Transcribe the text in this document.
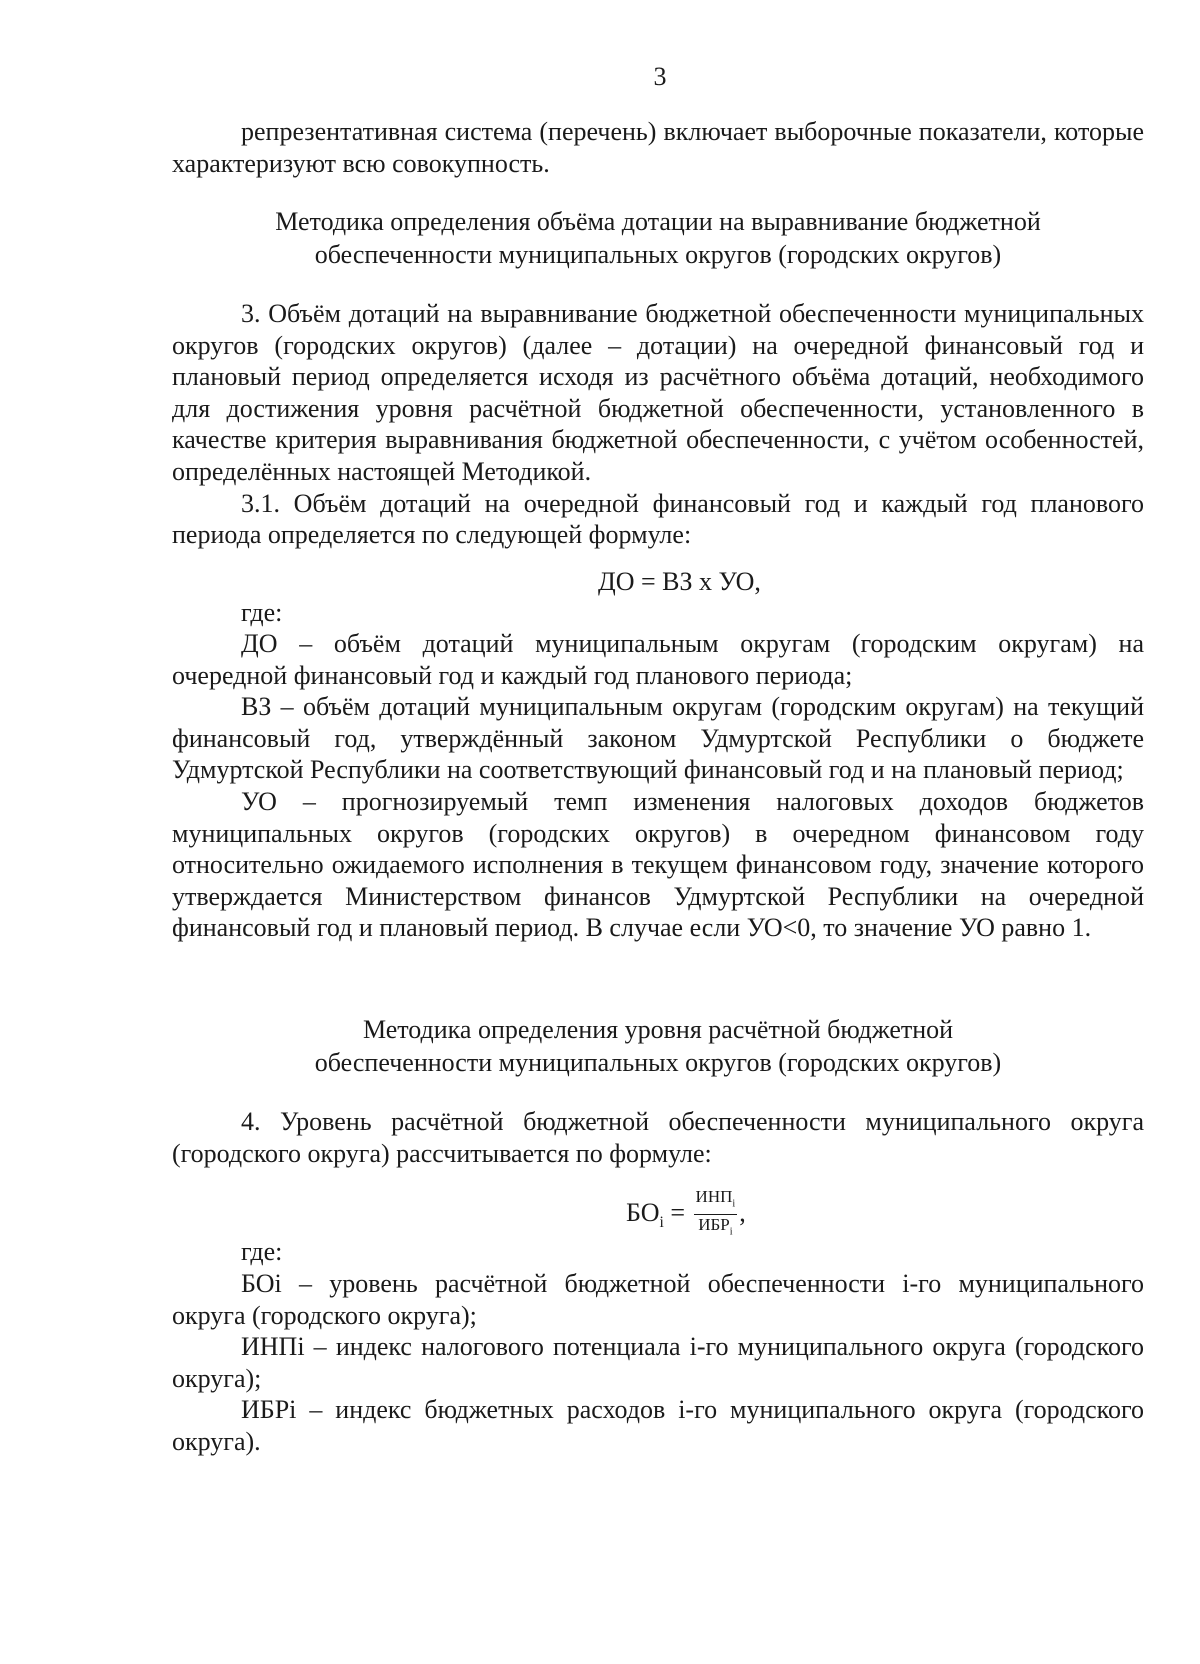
3

репрезентативная система (перечень) включает выборочные показатели, которые характеризуют всю совокупность.

Методика определения объёма дотации на выравнивание бюджетной
обеспеченности муниципальных округов (городских округов)

3. Объём дотаций на выравнивание бюджетной обеспеченности муниципальных округов (городских округов) (далее – дотации) на очередной финансовый год и плановый период определяется исходя из расчётного объёма дотаций, необходимого для достижения уровня расчётной бюджетной обеспеченности, установленного в качестве критерия выравнивания бюджетной обеспеченности, с учётом особенностей, определённых настоящей Методикой.

3.1. Объём дотаций на очередной финансовый год и каждый год планового периода определяется по следующей формуле:

ДО = ВЗ х УО,
где:

ДО – объём дотаций муниципальным округам (городским округам) на очередной финансовый год и каждый год планового периода;

ВЗ – объём дотаций муниципальным округам (городским округам) на текущий финансовый год, утверждённый законом Удмуртской Республики о бюджете Удмуртской Республики на соответствующий финансовый год и на плановый период;

УО – прогнозируемый темп изменения налоговых доходов бюджетов муниципальных округов (городских округов) в очередном финансовом году относительно ожидаемого исполнения в текущем финансовом году, значение которого утверждается Министерством финансов Удмуртской Республики на очередной финансовый год и плановый период. В случае если УО<0, то значение УО равно 1.

Методика определения уровня расчётной бюджетной
обеспеченности муниципальных округов (городских округов)

4. Уровень расчётной бюджетной обеспеченности муниципального округа (городского округа) рассчитывается по формуле:

$БО_i = \frac{ИНП_i}{ИБР_i}$ ,
где:

БОi – уровень расчётной бюджетной обеспеченности i-го муниципального округа (городского округа);

ИНПi – индекс налогового потенциала i-го муниципального округа (городского округа);

ИБРi – индекс бюджетных расходов i-го муниципального округа (городского округа).
